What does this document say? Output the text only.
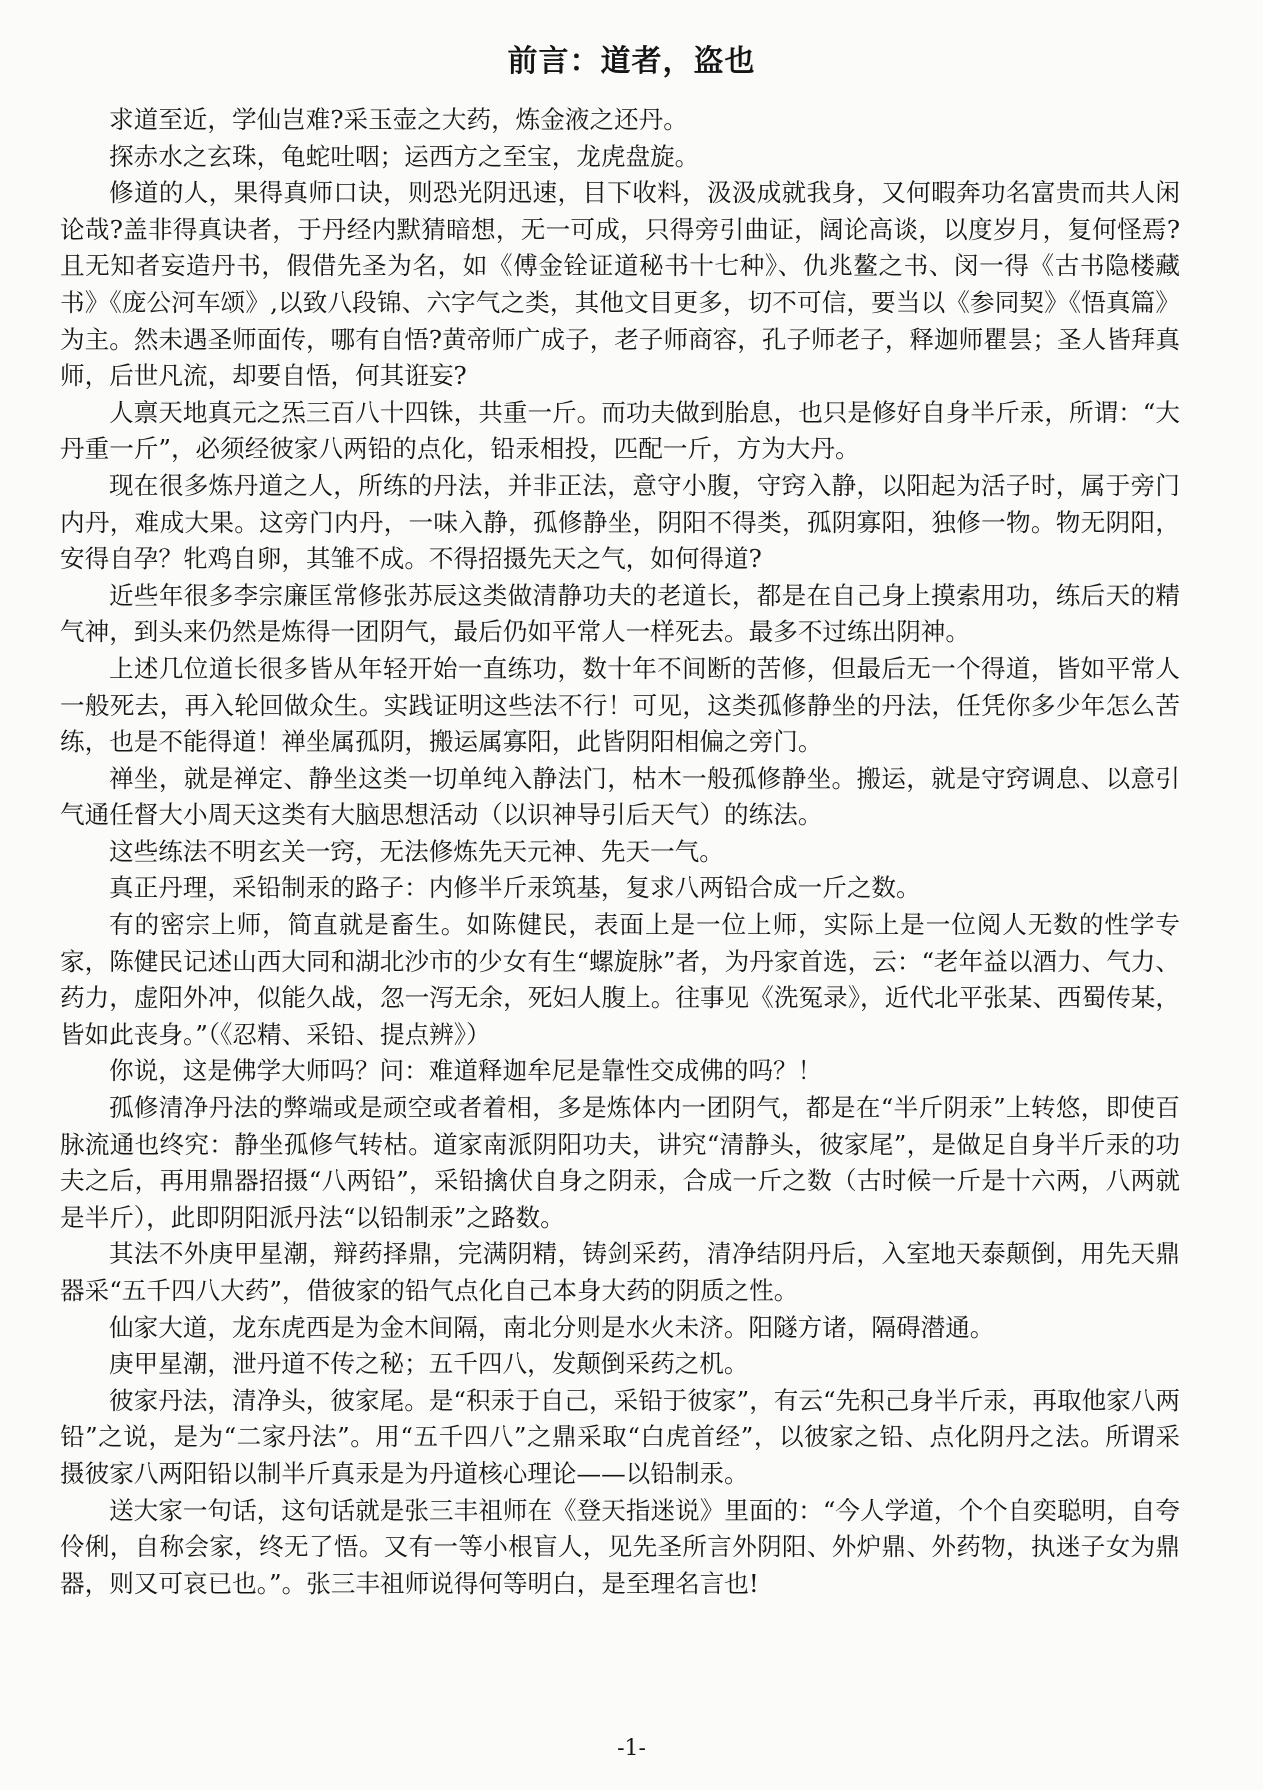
前言：道者，盗也

求道至近，学仙岂难?采玉壶之大药，炼金液之还丹。

探赤水之玄珠，龟蛇吐咽；运西方之至宝，龙虎盘旋。

修道的人，果得真师口诀，则恐光阴迅速，目下收料，汲汲成就我身，又何暇奔功名富贵而共人闲论哉?盖非得真诀者，于丹经内默猜暗想，无一可成，只得旁引曲证，阔论高谈，以度岁月，复何怪焉?且无知者妄造丹书，假借先圣为名，如《傅金铨证道秘书十七种》、仇兆鳌之书、闵一得《古书隐楼藏书》《庞公河车颂》,以致八段锦、六字气之类，其他文目更多，切不可信，要当以《参同契》《悟真篇》为主。然未遇圣师面传，哪有自悟?黄帝师广成子，老子师商容，孔子师老子，释迦师瞿昙；圣人皆拜真师，后世凡流，却要自悟，何其诳妄?

人禀天地真元之炁三百八十四铢，共重一斤。而功夫做到胎息，也只是修好自身半斤汞，所谓：“大丹重一斤”，必须经彼家八两铅的点化，铅汞相投，匹配一斤，方为大丹。

现在很多炼丹道之人，所练的丹法，并非正法，意守小腹，守窍入静，以阳起为活子时，属于旁门内丹，难成大果。这旁门内丹，一味入静，孤修静坐，阴阳不得类，孤阴寡阳，独修一物。物无阴阳，安得自孕？牝鸡自卵，其雏不成。不得招摄先天之气，如何得道?

近些年很多李宗廉匡常修张苏辰这类做清静功夫的老道长，都是在自己身上摸索用功，练后天的精气神，到头来仍然是炼得一团阴气，最后仍如平常人一样死去。最多不过练出阴神。

上述几位道长很多皆从年轻开始一直练功，数十年不间断的苦修，但最后无一个得道，皆如平常人一般死去，再入轮回做众生。实践证明这些法不行！可见，这类孤修静坐的丹法，任凭你多少年怎么苦练，也是不能得道！禅坐属孤阴，搬运属寡阳，此皆阴阳相偏之旁门。

禅坐，就是禅定、静坐这类一切单纯入静法门，枯木一般孤修静坐。搬运，就是守窍调息、以意引气通任督大小周天这类有大脑思想活动（以识神导引后天气）的练法。

这些练法不明玄关一窍，无法修炼先天元神、先天一气。

真正丹理，采铅制汞的路子：内修半斤汞筑基，复求八两铅合成一斤之数。

有的密宗上师，简直就是畜生。如陈健民，表面上是一位上师，实际上是一位阅人无数的性学专家，陈健民记述山西大同和湖北沙市的少女有生“螺旋脉”者，为丹家首选，云：“老年益以酒力、气力、药力，虚阳外冲，似能久战，忽一泻无余，死妇人腹上。往事见《洗冤录》，近代北平张某、西蜀传某，皆如此丧身。”（《忍精、采铅、提点辨》）

你说，这是佛学大师吗？问：难道释迦牟尼是靠性交成佛的吗？！

孤修清净丹法的弊端或是顽空或者着相，多是炼体内一团阴气，都是在“半斤阴汞”上转悠，即使百脉流通也终究：静坐孤修气转枯。道家南派阴阳功夫，讲究“清静头，彼家尾”，是做足自身半斤汞的功夫之后，再用鼎器招摄“八两铅”，采铅擒伏自身之阴汞，合成一斤之数（古时候一斤是十六两，八两就是半斤），此即阴阳派丹法“以铅制汞”之路数。

其法不外庚甲星潮，辩药择鼎，完满阴精，铸剑采药，清净结阴丹后，入室地天泰颠倒，用先天鼎器采“五千四八大药”，借彼家的铅气点化自己本身大药的阴质之性。

仙家大道，龙东虎西是为金木间隔，南北分则是水火未济。阳隧方诸，隔碍潜通。

庚甲星潮，泄丹道不传之秘；五千四八，发颠倒采药之机。

彼家丹法，清净头，彼家尾。是“积汞于自己，采铅于彼家”，有云“先积己身半斤汞，再取他家八两铅”之说，是为“二家丹法”。用“五千四八”之鼎采取“白虎首经”，以彼家之铅、点化阴丹之法。所谓采摄彼家八两阳铅以制半斤真汞是为丹道核心理论——以铅制汞。

送大家一句话，这句话就是张三丰祖师在《登天指迷说》里面的：“今人学道，个个自奕聪明，自夸伶俐，自称会家，终无了悟。又有一等小根盲人，见先圣所言外阴阳、外炉鼎、外药物，执迷子女为鼎器，则又可哀已也。”。张三丰祖师说得何等明白，是至理名言也!

-1-
